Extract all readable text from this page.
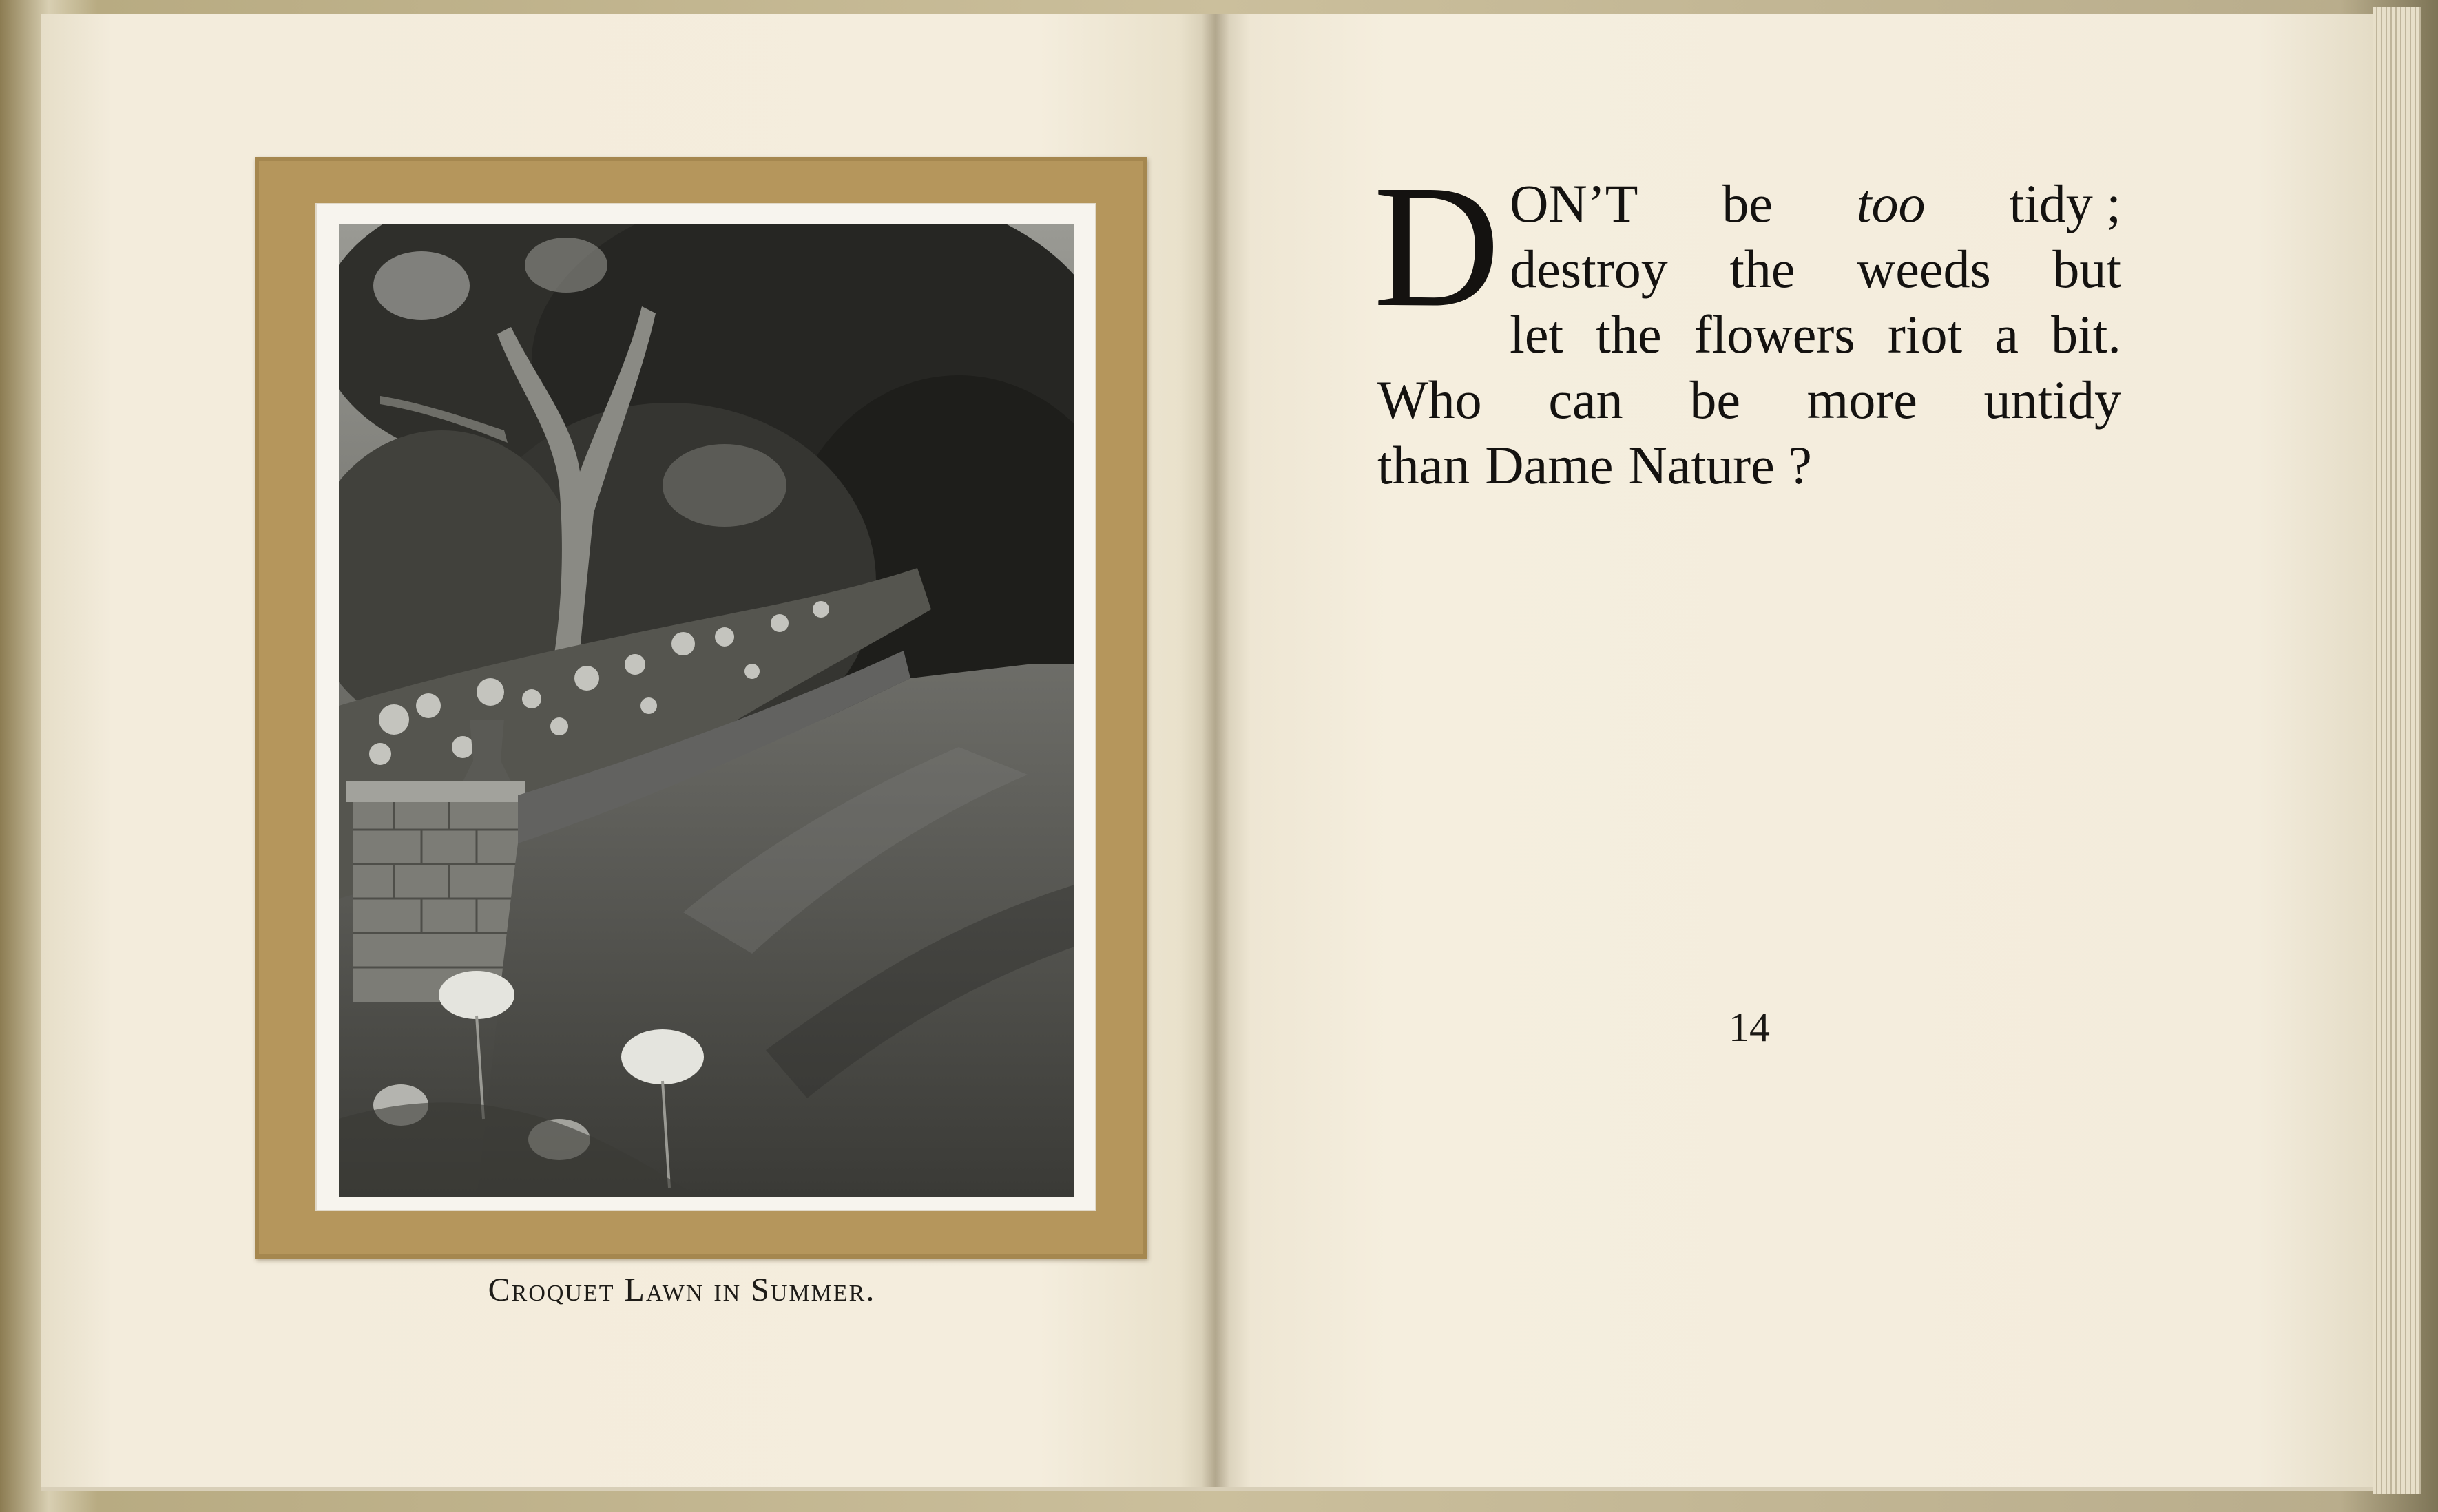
Croquet Lawn in Summer.
D ON’T be too tidy ;
destroy the weeds but
let the flowers riot a bit.
Who can be more untidy
than Dame Nature ?
14
